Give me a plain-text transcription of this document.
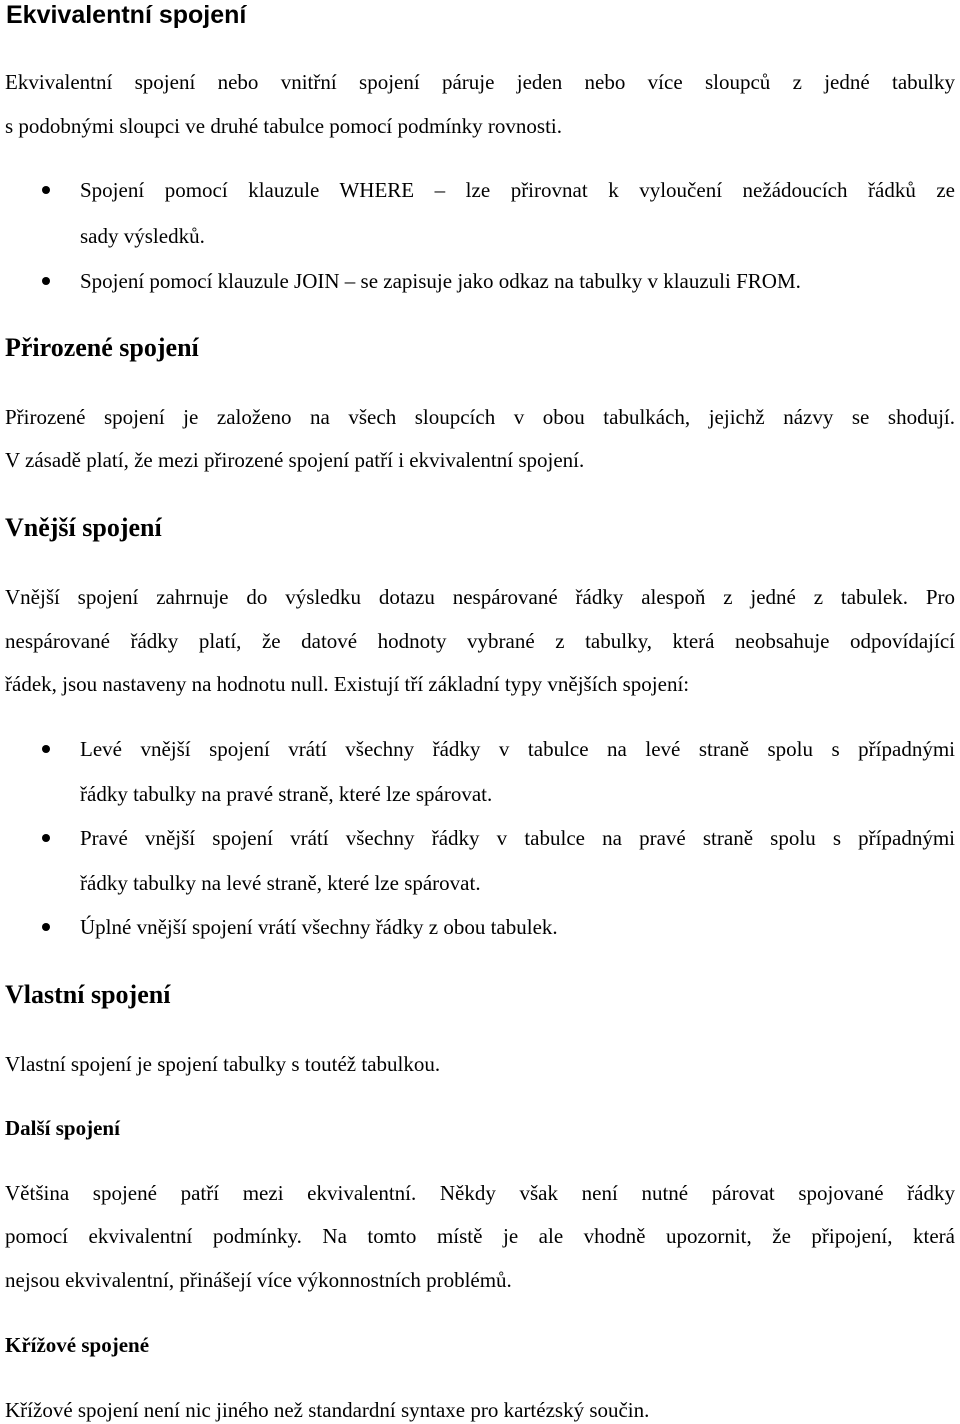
Ekvivalentní spojení
Ekvivalentní spojení nebo vnitřní spojení páruje jeden nebo více sloupců z jedné tabulky
s podobnými sloupci ve druhé tabulce pomocí podmínky rovnosti.
Spojení pomocí klauzule WHERE – lze přirovnat k vyloučení nežádoucích řádků ze
sady výsledků.
Spojení pomocí klauzule JOIN – se zapisuje jako odkaz na tabulky v klauzuli FROM.
Přirozené spojení
Přirozené spojení je založeno na všech sloupcích v obou tabulkách, jejichž názvy se shodují.
V zásadě platí, že mezi přirozené spojení patří i ekvivalentní spojení.
Vnější spojení
Vnější spojení zahrnuje do výsledku dotazu nespárované řádky alespoň z jedné z tabulek. Pro
nespárované řádky platí, že datové hodnoty vybrané z tabulky, která neobsahuje odpovídající
řádek, jsou nastaveny na hodnotu null. Existují tří základní typy vnějších spojení:
Levé vnější spojení vrátí všechny řádky v tabulce na levé straně spolu s případnými
řádky tabulky na pravé straně, které lze spárovat.
Pravé vnější spojení vrátí všechny řádky v tabulce na pravé straně spolu s případnými
řádky tabulky na levé straně, které lze spárovat.
Úplné vnější spojení vrátí všechny řádky z obou tabulek.
Vlastní spojení
Vlastní spojení je spojení tabulky s toutéž tabulkou.
Další spojení
Většina spojené patří mezi ekvivalentní. Někdy však není nutné párovat spojované řádky
pomocí ekvivalentní podmínky. Na tomto místě je ale vhodně upozornit, že připojení, která
nejsou ekvivalentní, přinášejí více výkonnostních problémů.
Křížové spojené
Křížové spojení není nic jiného než standardní syntaxe pro kartézský součin.
